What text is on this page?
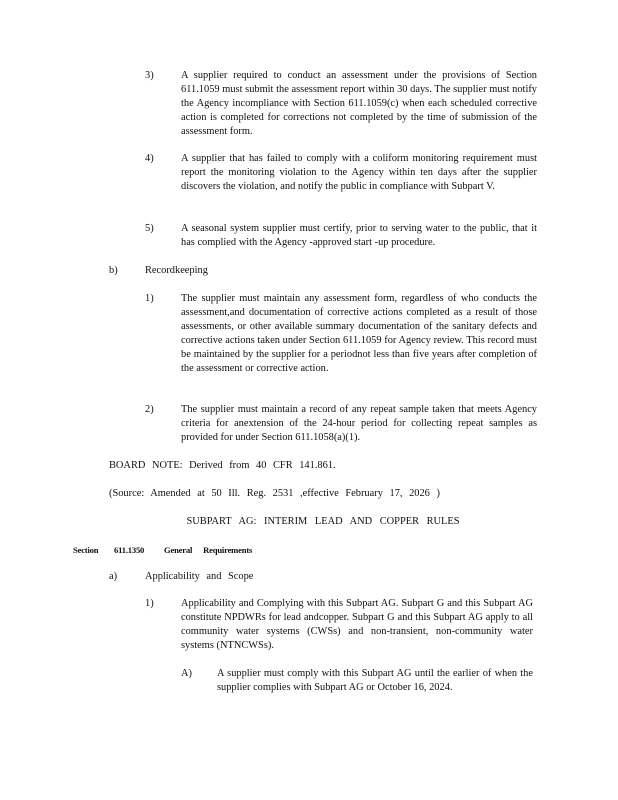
3)	A supplier required to conduct an assessment under the provisions of Section 611.1059 must submit the assessment report within 30 days. The supplier must notify the Agency incompliance with Section 611.1059(c) when each scheduled corrective action is completed for corrections not completed by the time of submission of the assessment form.
4)	A supplier that has failed to comply with a coliform monitoring requirement must report the monitoring violation to the Agency within ten days after the supplier discovers the violation, and notify the public in compliance with Subpart V.
5)	A seasonal system supplier must certify, prior to serving water to the public, that it has complied with the Agency -approved start -up procedure.
b)	Recordkeeping
1)	The supplier must maintain any assessment form, regardless of who conducts the assessment,and documentation of corrective actions completed as a result of those assessments, or other available summary documentation of the sanitary defects and corrective actions taken under Section 611.1059 for Agency review. This record must be maintained by the supplier for a periodnot less than five years after completion of the assessment or corrective action.
2)	The supplier must maintain a record of any repeat sample taken that meets Agency criteria for anextension of the 24-hour period for collecting repeat samples as provided for under Section 611.1058(a)(1).
BOARD NOTE: Derived from 40 CFR 141.861.
(Source: Amended at 50 Ill. Reg. 2531 ,effective February 17, 2026 )
SUBPART AG: INTERIM LEAD AND COPPER RULES
Section 611.1350 General Requirements
a)	Applicability and Scope
1)	Applicability and Complying with this Subpart AG. Subpart G and this Subpart AG constitute NPDWRs for lead andcopper. Subpart G and this Subpart AG apply to all community water systems (CWSs) and non-transient, non-community water systems (NTNCWSs).
A) A supplier must comply with this Subpart AG until the earlier of when the supplier complies with Subpart AG or October 16, 2024.
